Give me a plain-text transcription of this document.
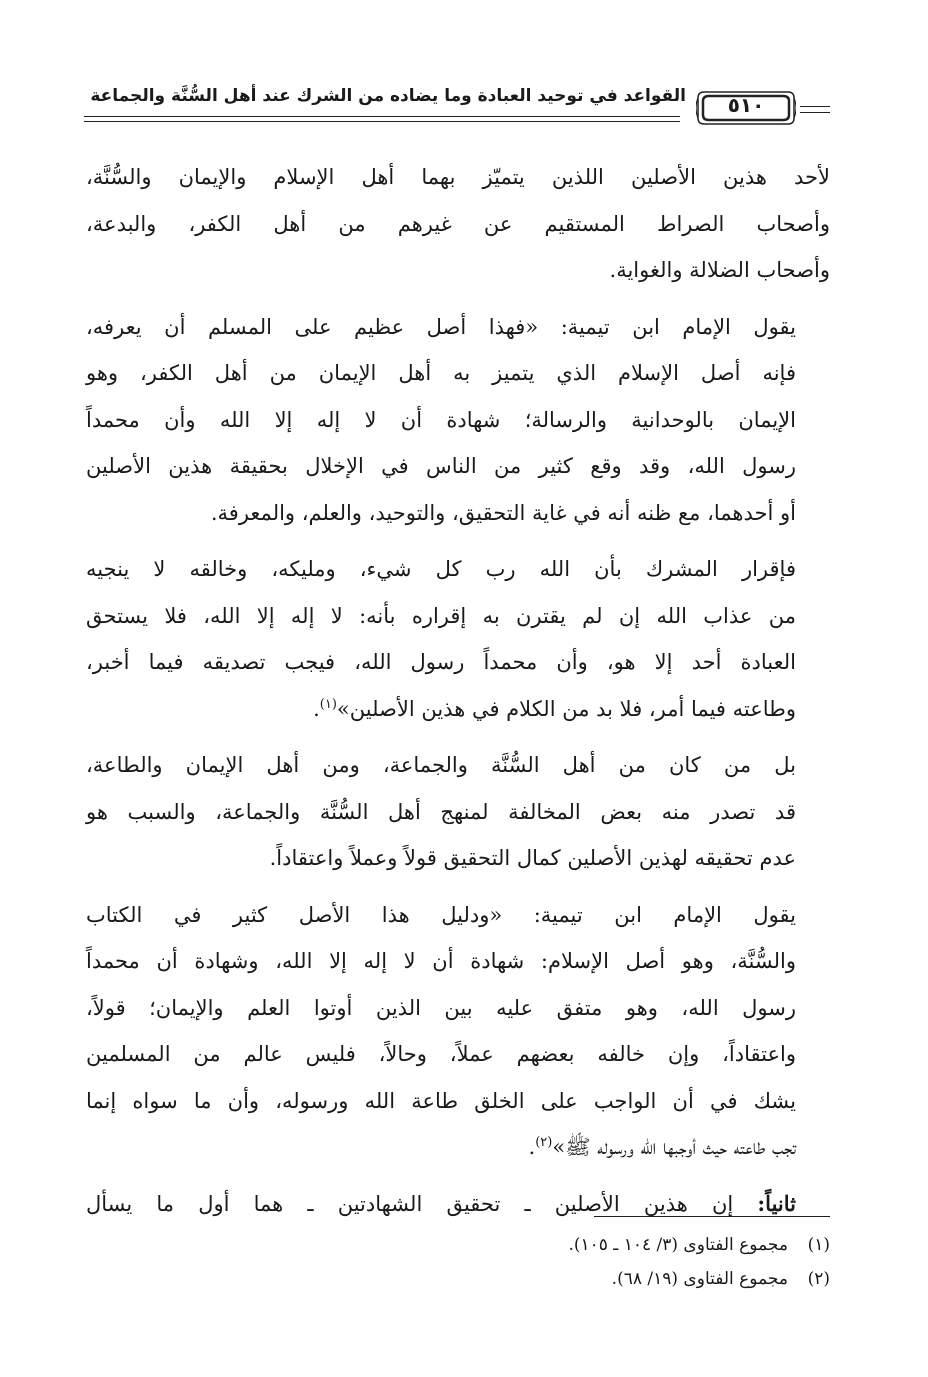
القواعد في توحيد العبادة وما يضاده من الشرك عند أهل السُّنَّة والجماعة	٥١٠

لأحد هذين الأصلين اللذين يتميّز بهما أهل الإسلام والإيمان والسُّنَّة،
وأصحاب الصراط المستقيم عن غيرهم من أهل الكفر، والبدعة،
وأصحاب الضلالة والغواية.

يقول الإمام ابن تيمية: «فهذا أصل عظيم على المسلم أن يعرفه،
فإنه أصل الإسلام الذي يتميز به أهل الإيمان من أهل الكفر، وهو
الإيمان بالوحدانية والرسالة؛ شهادة أن لا إله إلا الله وأن محمداً
رسول الله، وقد وقع كثير من الناس في الإخلال بحقيقة هذين الأصلين
أو أحدهما، مع ظنه أنه في غاية التحقيق، والتوحيد، والعلم، والمعرفة.

فإقرار المشرك بأن الله رب كل شيء، ومليكه، وخالقه لا ينجيه
من عذاب الله إن لم يقترن به إقراره بأنه: لا إله إلا الله، فلا يستحق
العبادة أحد إلا هو، وأن محمداً رسول الله، فيجب تصديقه فيما أخبر،
وطاعته فيما أمر، فلا بد من الكلام في هذين الأصلين»$^{(١)}$.

بل من كان من أهل السُّنَّة والجماعة، ومن أهل الإيمان والطاعة،
قد تصدر منه بعض المخالفة لمنهج أهل السُّنَّة والجماعة، والسبب هو
عدم تحقيقه لهذين الأصلين كمال التحقيق قولاً وعملاً واعتقاداً.

يقول الإمام ابن تيمية: «ودليل هذا الأصل كثير في الكتاب
والسُّنَّة، وهو أصل الإسلام: شهادة أن لا إله إلا الله، وشهادة أن محمداً
رسول الله، وهو متفق عليه بين الذين أوتوا العلم والإيمان؛ قولاً،
واعتقاداً، وإن خالفه بعضهم عملاً، وحالاً، فليس عالم من المسلمين
يشك في أن الواجب على الخلق طاعة الله ورسوله، وأن ما سواه إنما
تجب طاعته حيث أوجبها الله ورسوله ﷺ»$^{(٢)}$.

ثانياً: إن هذين الأصلين ـ تحقيق الشهادتين ـ هما أول ما يسأل

(١)مجموع الفتاوى (٣/ ١٠٤ ـ ١٠٥).
(٢)مجموع الفتاوى (١٩/ ٦٨).
